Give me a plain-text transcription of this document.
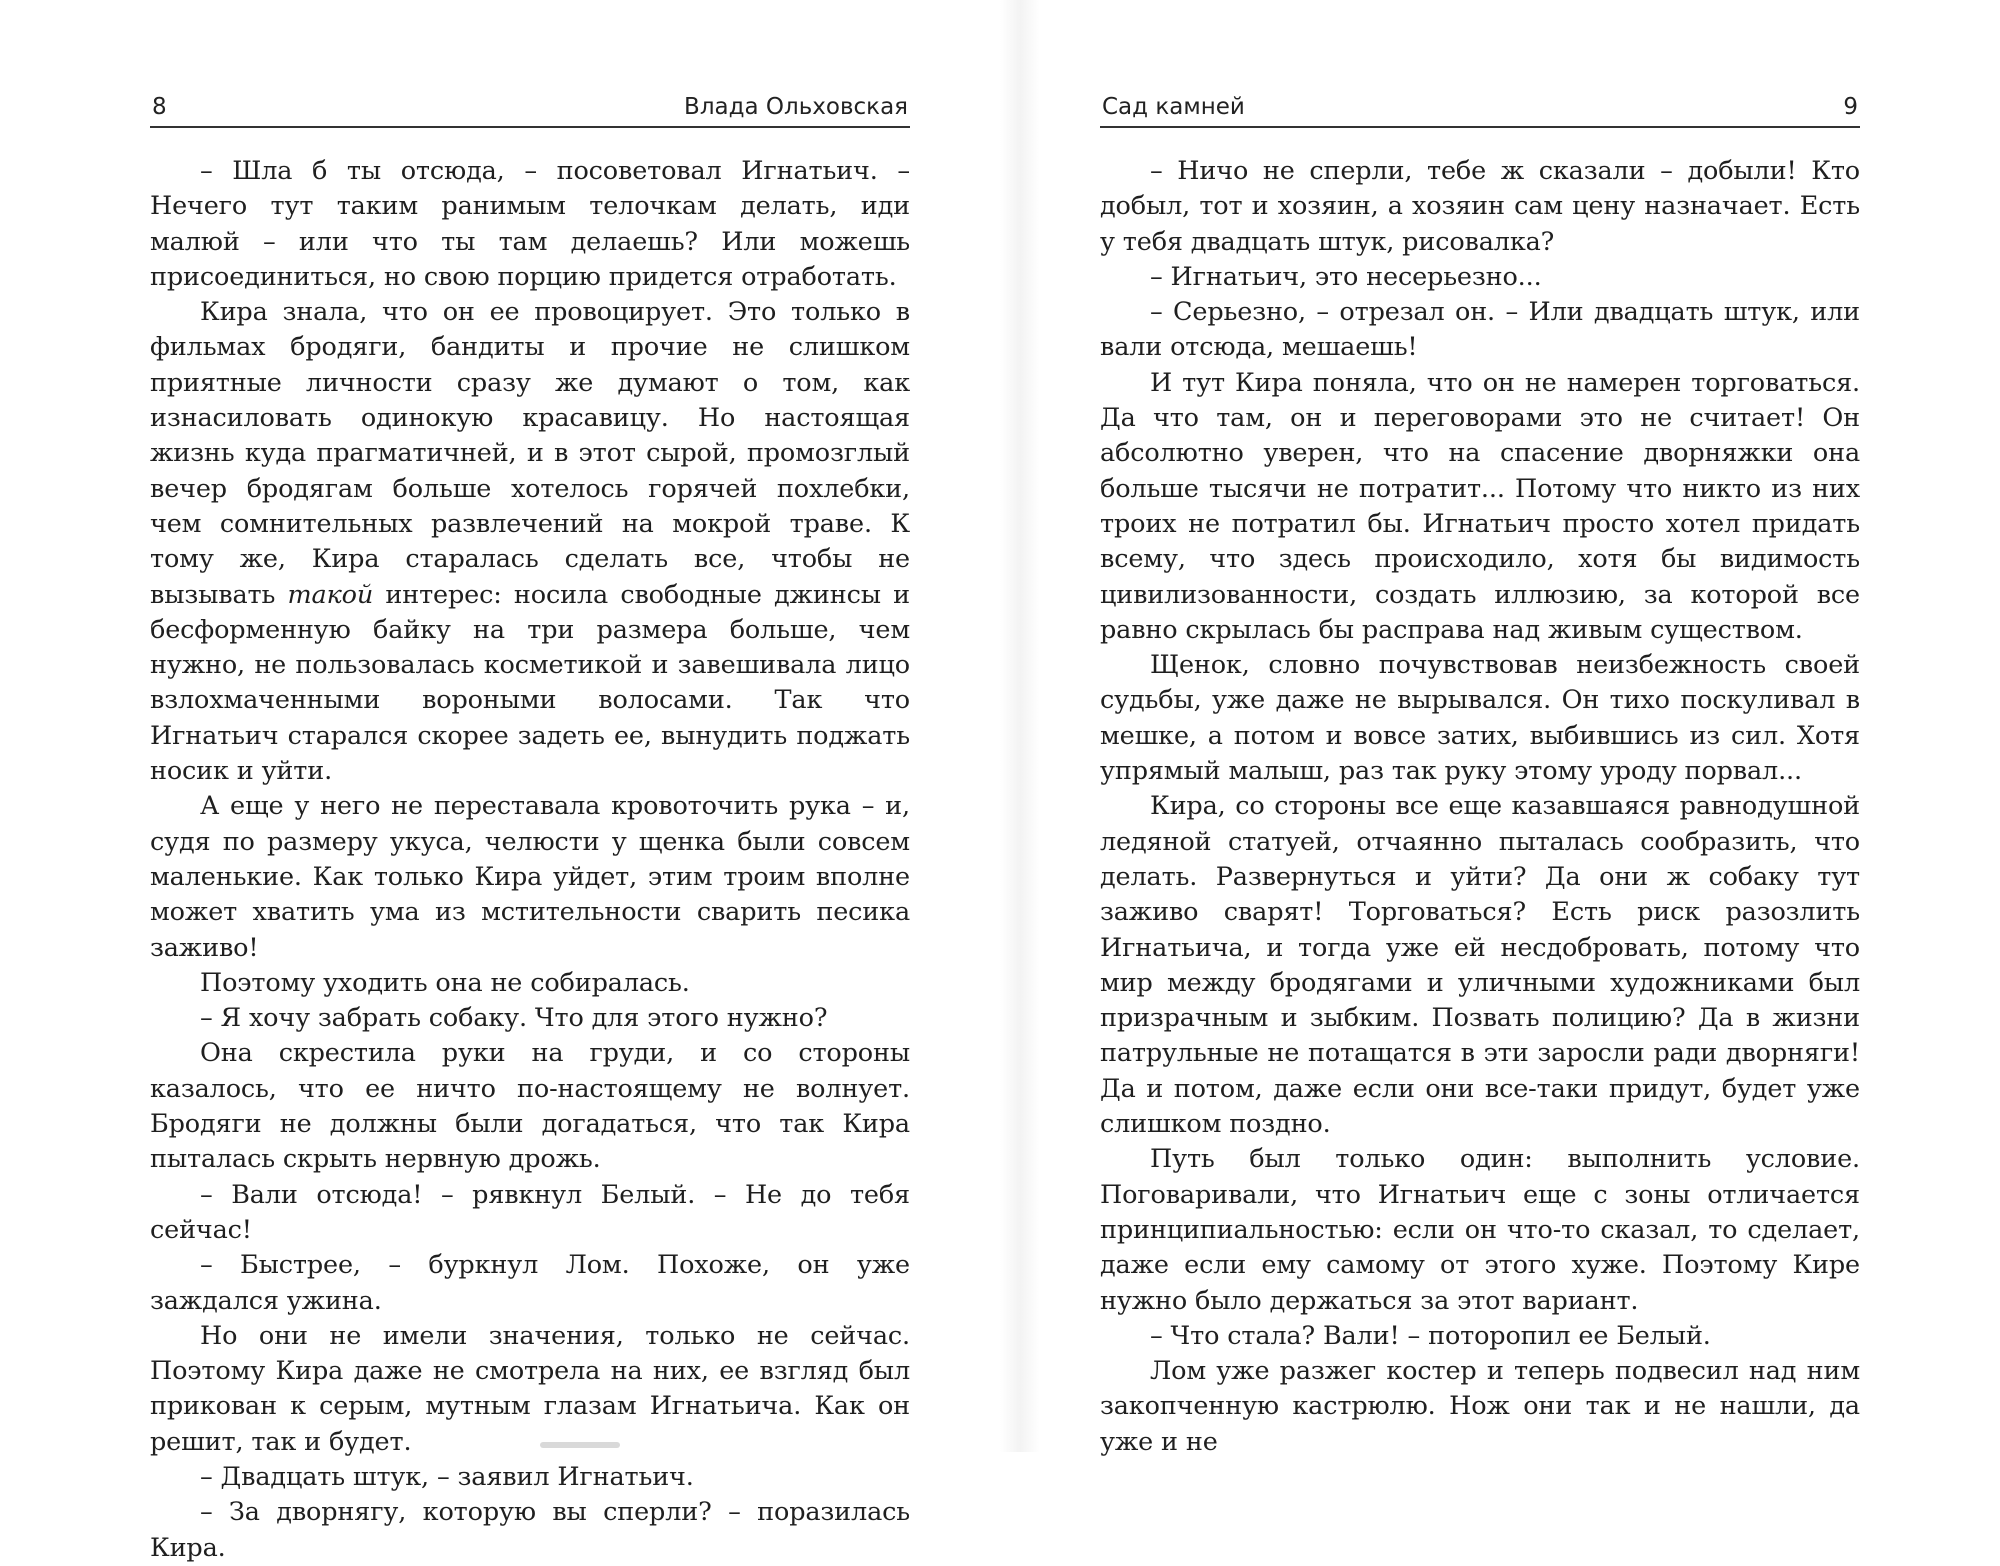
8	Влада Ольховская

– Шла б ты отсюда, – посоветовал Игнатьич. – Нечего тут таким ранимым телочкам делать, иди малюй – или что ты там делаешь? Или можешь присоединиться, но свою порцию придется отработать.

Кира знала, что он ее провоцирует. Это только в фильмах бродяги, бандиты и прочие не слишком приятные личности сразу же думают о том, как изнасиловать одинокую красавицу. Но настоящая жизнь куда прагматичней, и в этот сырой, промозглый вечер бродягам больше хотелось горячей похлебки, чем сомнительных развлечений на мокрой траве. К тому же, Кира старалась сделать все, чтобы не вызывать такой интерес: носила свободные джинсы и бесформенную байку на три размера больше, чем нужно, не пользовалась косметикой и завешивала лицо взлохмаченными вороными волосами. Так что Игнатьич старался скорее задеть ее, вынудить поджать носик и уйти.

А еще у него не переставала кровоточить рука – и, судя по размеру укуса, челюсти у щенка были совсем маленькие. Как только Кира уйдет, этим троим вполне может хватить ума из мстительности сварить песика заживо!

Поэтому уходить она не собиралась.

– Я хочу забрать собаку. Что для этого нужно?

Она скрестила руки на груди, и со стороны казалось, что ее ничто по-настоящему не волнует. Бродяги не должны были догадаться, что так Кира пыталась скрыть нервную дрожь.

– Вали отсюда! – рявкнул Белый. – Не до тебя сейчас!

– Быстрее, – буркнул Лом. Похоже, он уже заждался ужина.

Но они не имели значения, только не сейчас. Поэтому Кира даже не смотрела на них, ее взгляд был прикован к серым, мутным глазам Игнатьича. Как он решит, так и будет.

– Двадцать штук, – заявил Игнатьич.

– За дворнягу, которую вы сперли? – поразилась Кира.

Сад камней	9

– Ничо не сперли, тебе ж сказали – добыли! Кто добыл, тот и хозяин, а хозяин сам цену назначает. Есть у тебя двадцать штук, рисовалка?

– Игнатьич, это несерьезно...

– Серьезно, – отрезал он. – Или двадцать штук, или вали отсюда, мешаешь!

И тут Кира поняла, что он не намерен торговаться. Да что там, он и переговорами это не считает! Он абсолютно уверен, что на спасение дворняжки она больше тысячи не потратит... Потому что никто из них троих не потратил бы. Игнатьич просто хотел придать всему, что здесь происходило, хотя бы видимость цивилизованности, создать иллюзию, за которой все равно скрылась бы расправа над живым существом.

Щенок, словно почувствовав неизбежность своей судьбы, уже даже не вырывался. Он тихо поскуливал в мешке, а потом и вовсе затих, выбившись из сил. Хотя упрямый малыш, раз так руку этому уроду порвал...

Кира, со стороны все еще казавшаяся равнодушной ледяной статуей, отчаянно пыталась сообразить, что делать. Развернуться и уйти? Да они ж собаку тут заживо сварят! Торговаться? Есть риск разозлить Игнатьича, и тогда уже ей несдобровать, потому что мир между бродягами и уличными художниками был призрачным и зыбким. Позвать полицию? Да в жизни патрульные не потащатся в эти заросли ради дворняги! Да и потом, даже если они все-таки придут, будет уже слишком поздно.

Путь был только один: выполнить условие. Поговаривали, что Игнатьич еще с зоны отличается принципиальностью: если он что-то сказал, то сделает, даже если ему самому от этого хуже. Поэтому Кире нужно было держаться за этот вариант.

– Что стала? Вали! – поторопил ее Белый.

Лом уже разжег костер и теперь подвесил над ним закопченную кастрюлю. Нож они так и не нашли, да уже и не
